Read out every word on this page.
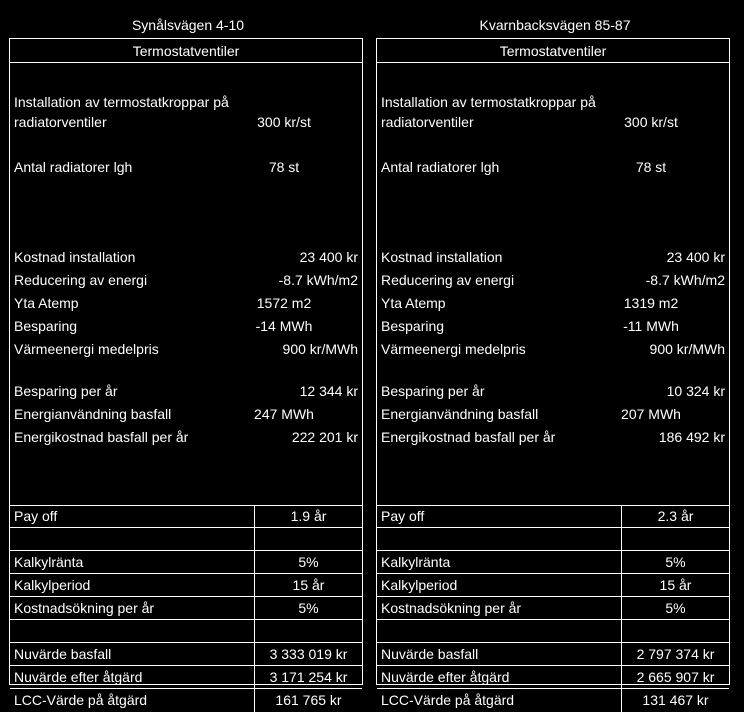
Synålsvägen 4-10
Termostatventiler
Installation av termostatkroppar på
radiatorventiler	300 kr/st
Antal radiatorer lgh	78 st
Kostnad installation	23 400 kr
Reducering av energi	-8.7 kWh/m2
Yta Atemp	1572 m2
Besparing	-14 MWh
Värmeenergi medelpris	900 kr/MWh
Besparing per år	12 344 kr
Energianvändning basfall	247 MWh
Energikostnad basfall per år	222 201 kr
Pay off	1.9 år
Kalkylränta	5%
Kalkylperiod	15 år
Kostnadsökning per år	5%
Nuvärde basfall	3 333 019 kr
Nuvärde efter åtgärd	3 171 254 kr
LCC-Värde på åtgärd	161 765 kr
Kvarnbacksvägen 85-87
Termostatventiler
Installation av termostatkroppar på
radiatorventiler	300 kr/st
Antal radiatorer lgh	78 st
Kostnad installation	23 400 kr
Reducering av energi	-8.7 kWh/m2
Yta Atemp	1319 m2
Besparing	-11 MWh
Värmeenergi medelpris	900 kr/MWh
Besparing per år	10 324 kr
Energianvändning basfall	207 MWh
Energikostnad basfall per år	186 492 kr
Pay off	2.3 år
Kalkylränta	5%
Kalkylperiod	15 år
Kostnadsökning per år	5%
Nuvärde basfall	2 797 374 kr
Nuvärde efter åtgärd	2 665 907 kr
LCC-Värde på åtgärd	131 467 kr
